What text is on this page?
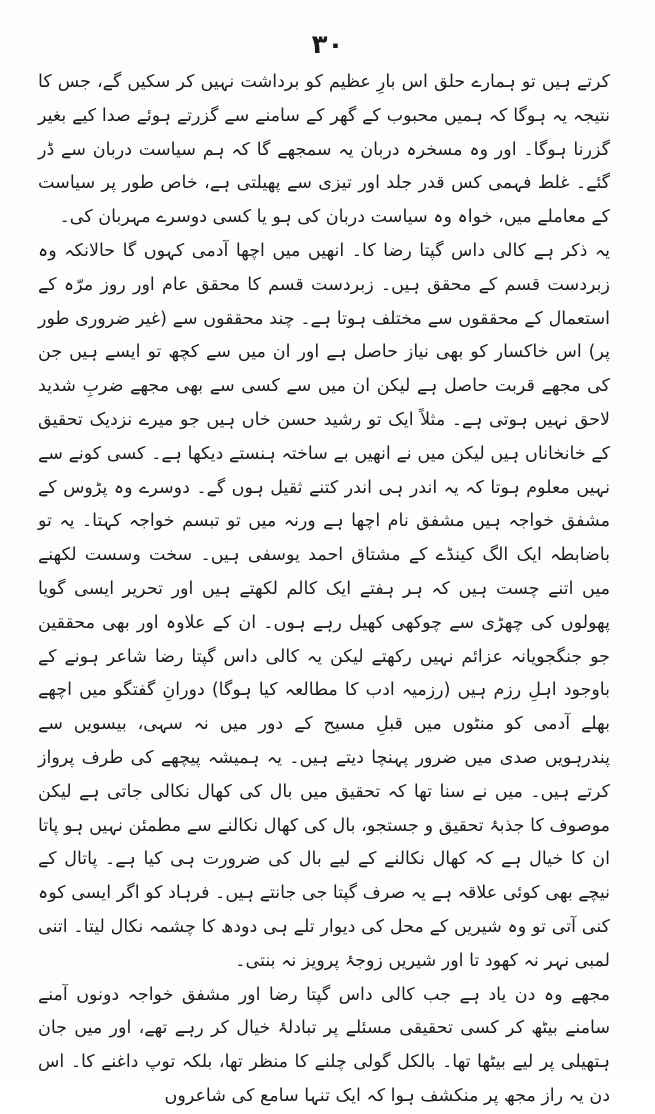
۳۰

کرتے ہیں تو ہمارے حلق اس بارِ عظیم کو برداشت نہیں کر سکیں گے، جس کا نتیجہ یہ ہوگا کہ ہمیں محبوب کے گھر کے سامنے سے گزرتے ہوئے صدا کیے بغیر گزرنا ہوگا۔ اور وہ مسخرہ دربان یہ سمجھے گا کہ ہم سیاست دربان سے ڈر گئے۔ غلط فہمی کس قدر جلد اور تیزی سے پھیلتی ہے، خاص طور پر سیاست کے معاملے میں، خواہ وہ سیاست دربان کی ہو یا کسی دوسرے مہربان کی۔

یہ ذکر ہے کالی داس گپتا رضا کا۔ انھیں میں اچھا آدمی کہوں گا حالانکہ وہ زبردست قسم کے محقق ہیں۔ زبردست قسم کا محقق عام اور روز مرّہ کے استعمال کے محققوں سے مختلف ہوتا ہے۔ چند محققوں سے (غیر ضروری طور پر) اس خاکسار کو بھی نیاز حاصل ہے اور ان میں سے کچھ تو ایسے ہیں جن کی مجھے قربت حاصل ہے لیکن ان میں سے کسی سے بھی مجھے ضربِ شدید لاحق نہیں ہوتی ہے۔ مثلاً ایک تو رشید حسن خاں ہیں جو میرے نزدیک تحقیق کے خانخاناں ہیں لیکن میں نے انھیں بے ساختہ ہنستے دیکھا ہے۔ کسی کونے سے نہیں معلوم ہوتا کہ یہ اندر ہی اندر کتنے ثقیل ہوں گے۔ دوسرے وہ پڑوس کے مشفق خواجہ ہیں مشفق نام اچھا ہے ورنہ میں تو تبسم خواجہ کہتا۔ یہ تو باضابطہ ایک الگ کینڈے کے مشتاق احمد یوسفی ہیں۔ سخت وسست لکھنے میں اتنے چست ہیں کہ ہر ہفتے ایک کالم لکھتے ہیں اور تحریر ایسی گویا پھولوں کی چھڑی سے چوکھی کھیل رہے ہوں۔ ان کے علاوہ اور بھی محققین جو جنگجویانہ عزائم نہیں رکھتے لیکن یہ کالی داس گپتا رضا شاعر ہونے کے باوجود اہلِ رزم ہیں (رزمیہ ادب کا مطالعہ کیا ہوگا) دورانِ گفتگو میں اچھے بھلے آدمی کو منٹوں میں قبلِ مسیح کے دور میں نہ سہی، بیسویں سے پندرہویں صدی میں ضرور پہنچا دیتے ہیں۔ یہ ہمیشہ پیچھے کی طرف پرواز کرتے ہیں۔ میں نے سنا تھا کہ تحقیق میں بال کی کھال نکالی جاتی ہے لیکن موصوف کا جذبۂ تحقیق و جستجو، بال کی کھال نکالنے سے مطمئن نہیں ہو پاتا ان کا خیال ہے کہ کھال نکالنے کے لیے بال کی ضرورت ہی کیا ہے۔ پاتال کے نیچے بھی کوئی علاقہ ہے یہ صرف گپتا جی جانتے ہیں۔ فرہاد کو اگر ایسی کوہ کنی آتی تو وہ شیریں کے محل کی دیوار تلے ہی دودھ کا چشمہ نکال لیتا۔ اتنی لمبی نہر نہ کھود تا اور شیریں زوجۂ پرویز نہ بنتی۔

مجھے وہ دن یاد ہے جب کالی داس گپتا رضا اور مشفق خواجہ دونوں آمنے سامنے بیٹھ کر کسی تحقیقی مسئلے پر تبادلۂ خیال کر رہے تھے، اور میں جان ہتھیلی پر لیے بیٹھا تھا۔ بالکل گولی چلنے کا منظر تھا، بلکہ توپ داغنے کا۔ اس دن یہ راز مجھ پر منکشف ہوا کہ ایک تنہا سامع کی شاعروں
